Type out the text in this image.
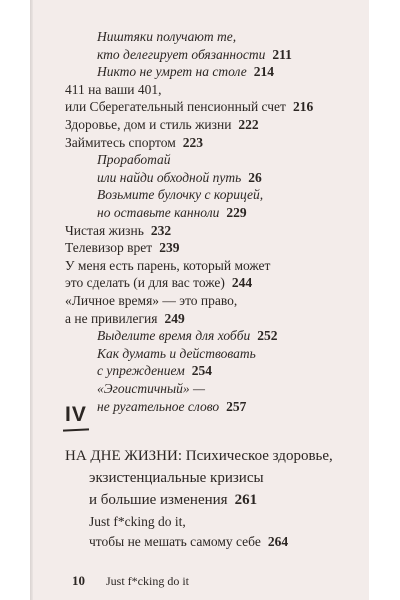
Ништяки получают те,
кто делегирует обязанности 211
Никто не умрет на столе 214
411 на ваши 401,
или Сберегательный пенсионный счет 216
Здоровье, дом и стиль жизни 222
Займитесь спортом 223
Проработай
или найди обходной путь 26
Возьмите булочку с корицей,
но оставьте канноли 229
Чистая жизнь 232
Телевизор врет 239
У меня есть парень, который может
это сделать (и для вас тоже) 244
«Личное время» — это право,
а не привилегия 249
Выделите время для хобби 252
Как думать и действовать
с упреждением 254
«Эгоистичный» —
не ругательное слово 257
IV
НА ДНЕ ЖИЗНИ: Психическое здоровье,
экзистенциальные кризисы
и большие изменения 261
Just f*cking do it,
чтобы не мешать самому себе 264
10 Just f*cking do it
